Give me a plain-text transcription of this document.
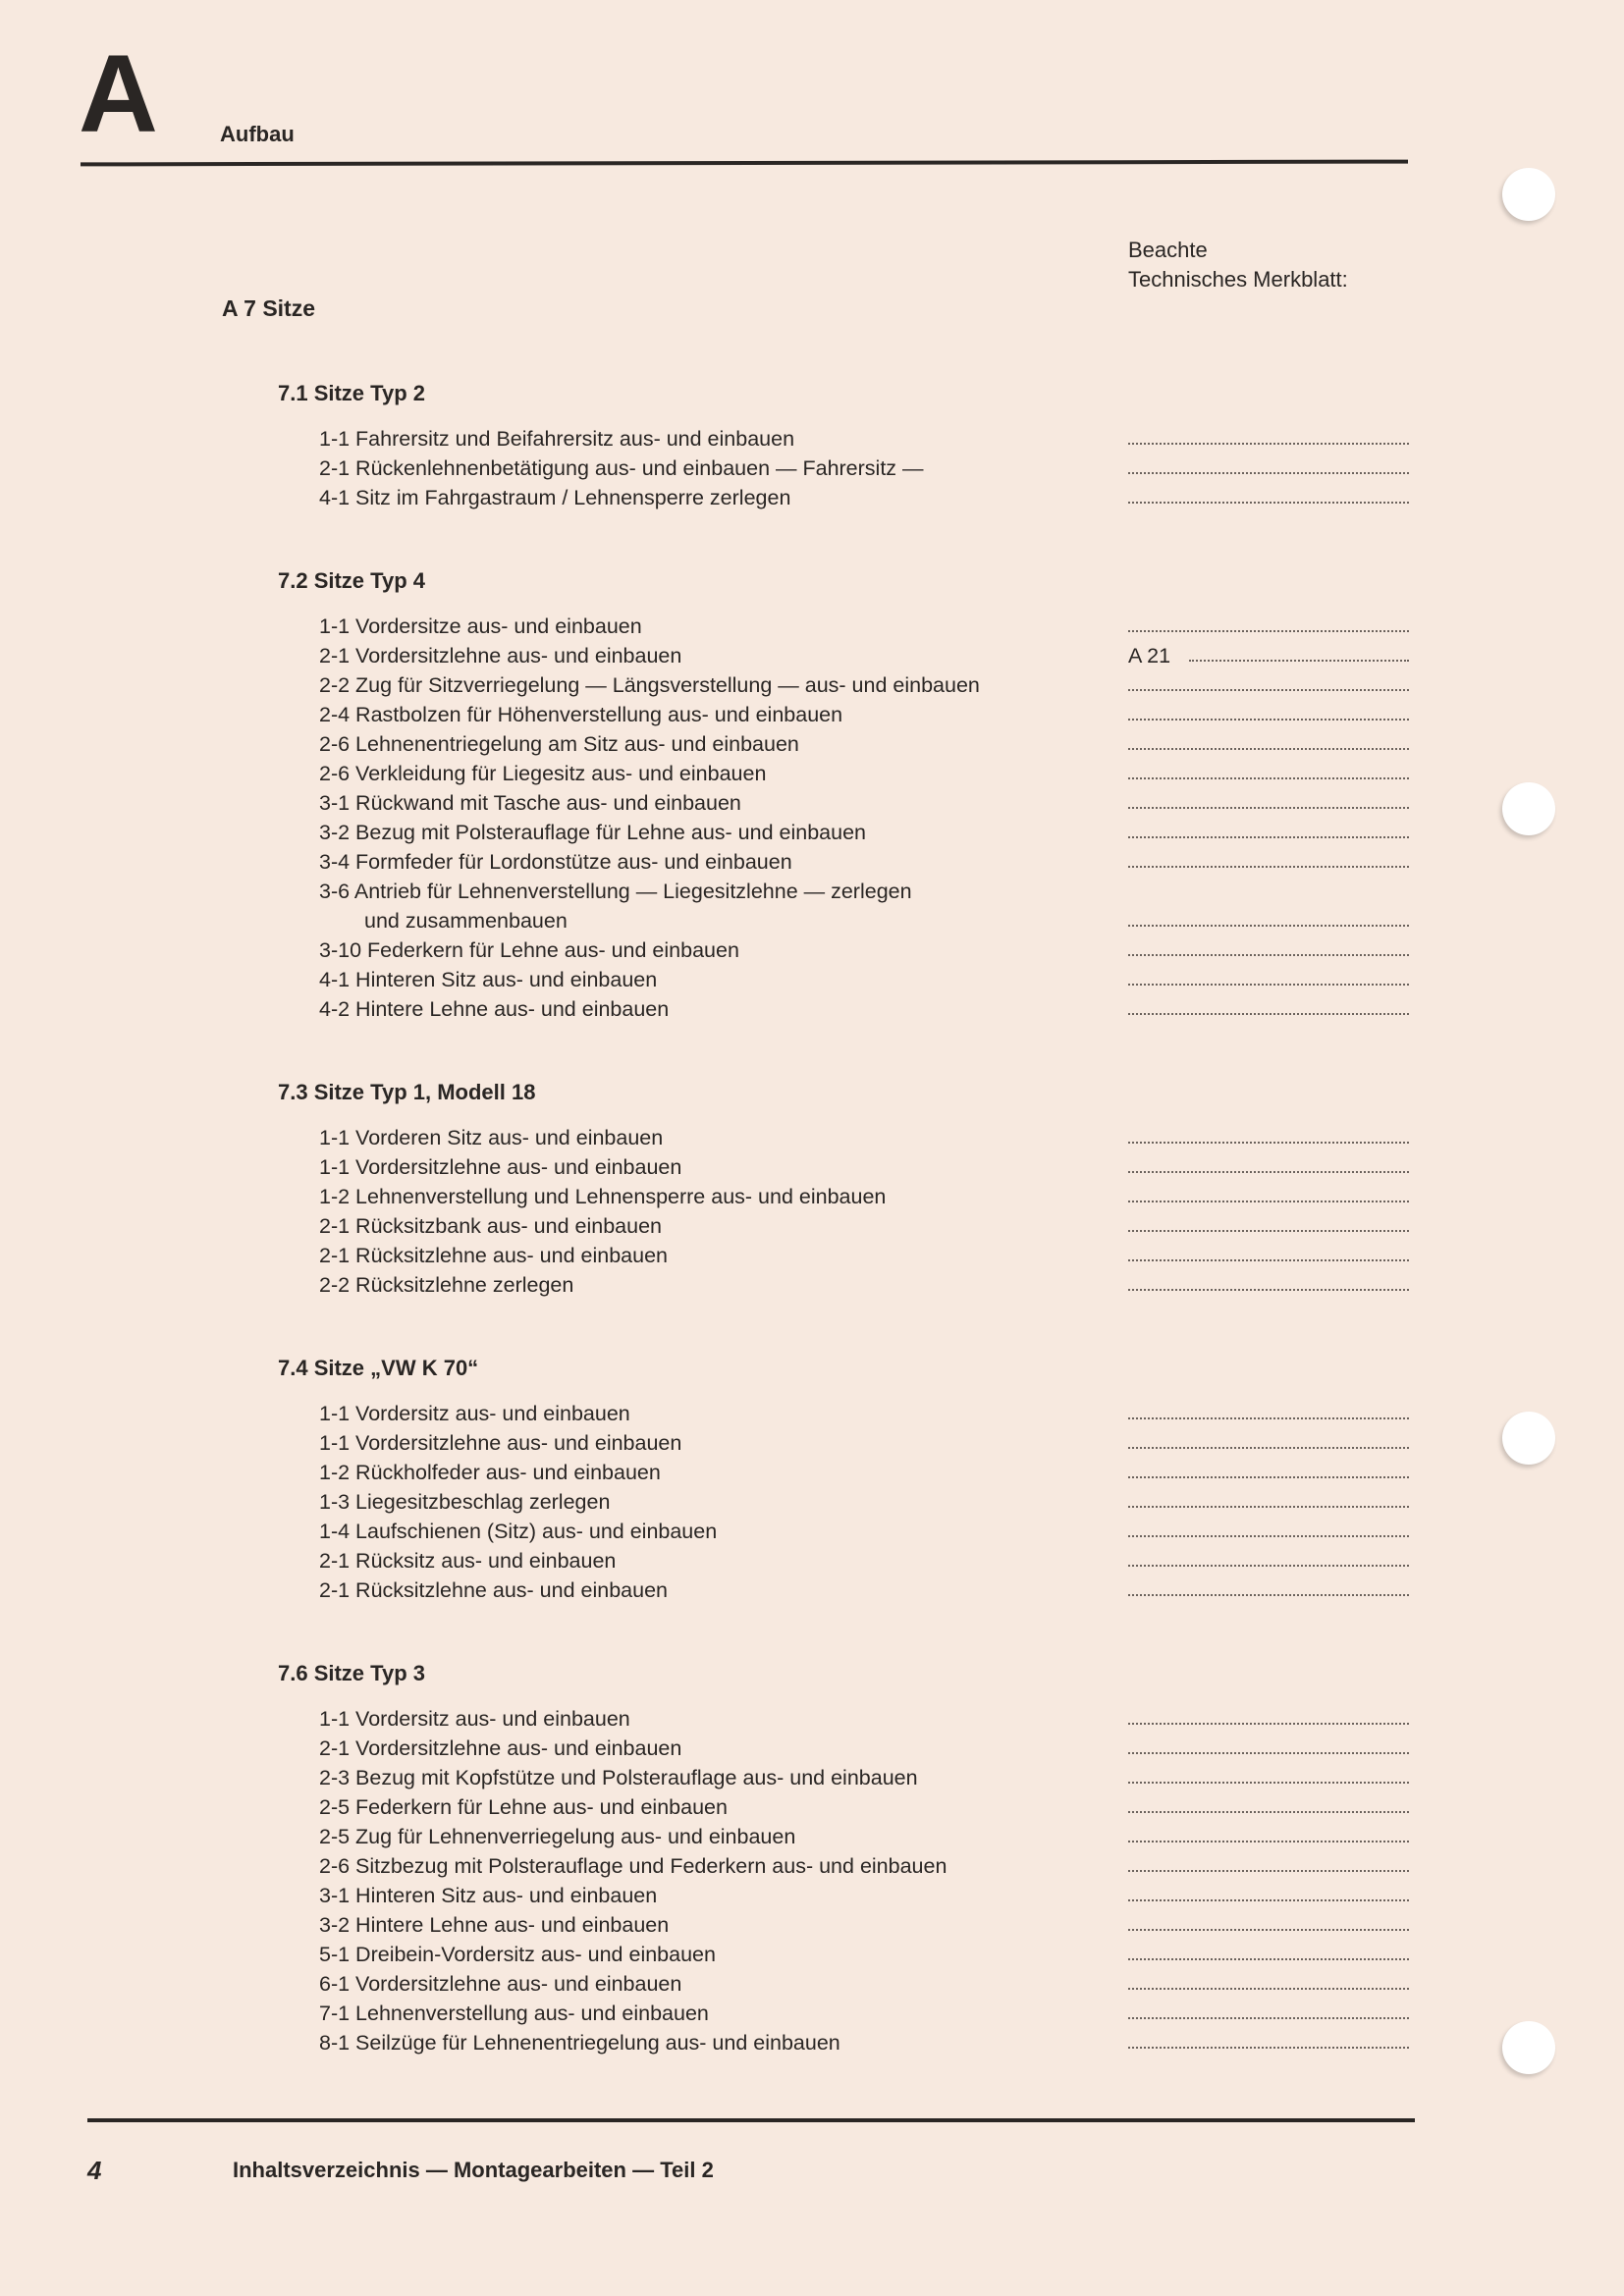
A	Aufbau
Beachte
Technisches Merkblatt:
A 7 Sitze
7.1 Sitze Typ 2
1-1 Fahrersitz und Beifahrersitz aus- und einbauen
2-1 Rückenlehnenbetätigung aus- und einbauen — Fahrersitz —
4-1 Sitz im Fahrgastraum / Lehnensperre zerlegen
7.2 Sitze Typ 4
1-1 Vordersitze aus- und einbauen
2-1 Vordersitzlehne aus- und einbauen	A 21
2-2 Zug für Sitzverriegelung — Längsverstellung — aus- und einbauen
2-4 Rastbolzen für Höhenverstellung aus- und einbauen
2-6 Lehnenentriegelung am Sitz aus- und einbauen
2-6 Verkleidung für Liegesitz aus- und einbauen
3-1 Rückwand mit Tasche aus- und einbauen
3-2 Bezug mit Polsterauflage für Lehne aus- und einbauen
3-4 Formfeder für Lordonstütze aus- und einbauen
3-6 Antrieb für Lehnenverstellung — Liegesitzlehne — zerlegen
und zusammenbauen
3-10 Federkern für Lehne aus- und einbauen
4-1 Hinteren Sitz aus- und einbauen
4-2 Hintere Lehne aus- und einbauen
7.3 Sitze Typ 1, Modell 18
1-1 Vorderen Sitz aus- und einbauen
1-1 Vordersitzlehne aus- und einbauen
1-2 Lehnenverstellung und Lehnensperre aus- und einbauen
2-1 Rücksitzbank aus- und einbauen
2-1 Rücksitzlehne aus- und einbauen
2-2 Rücksitzlehne zerlegen
7.4 Sitze „VW K 70“
1-1 Vordersitz aus- und einbauen
1-1 Vordersitzlehne aus- und einbauen
1-2 Rückholfeder aus- und einbauen
1-3 Liegesitzbeschlag zerlegen
1-4 Laufschienen (Sitz) aus- und einbauen
2-1 Rücksitz aus- und einbauen
2-1 Rücksitzlehne aus- und einbauen
7.6 Sitze Typ 3
1-1 Vordersitz aus- und einbauen
2-1 Vordersitzlehne aus- und einbauen
2-3 Bezug mit Kopfstütze und Polsterauflage aus- und einbauen
2-5 Federkern für Lehne aus- und einbauen
2-5 Zug für Lehnenverriegelung aus- und einbauen
2-6 Sitzbezug mit Polsterauflage und Federkern aus- und einbauen
3-1 Hinteren Sitz aus- und einbauen
3-2 Hintere Lehne aus- und einbauen
5-1 Dreibein-Vordersitz aus- und einbauen
6-1 Vordersitzlehne aus- und einbauen
7-1 Lehnenverstellung aus- und einbauen
8-1 Seilzüge für Lehnenentriegelung aus- und einbauen
4	Inhaltsverzeichnis — Montagearbeiten — Teil 2
